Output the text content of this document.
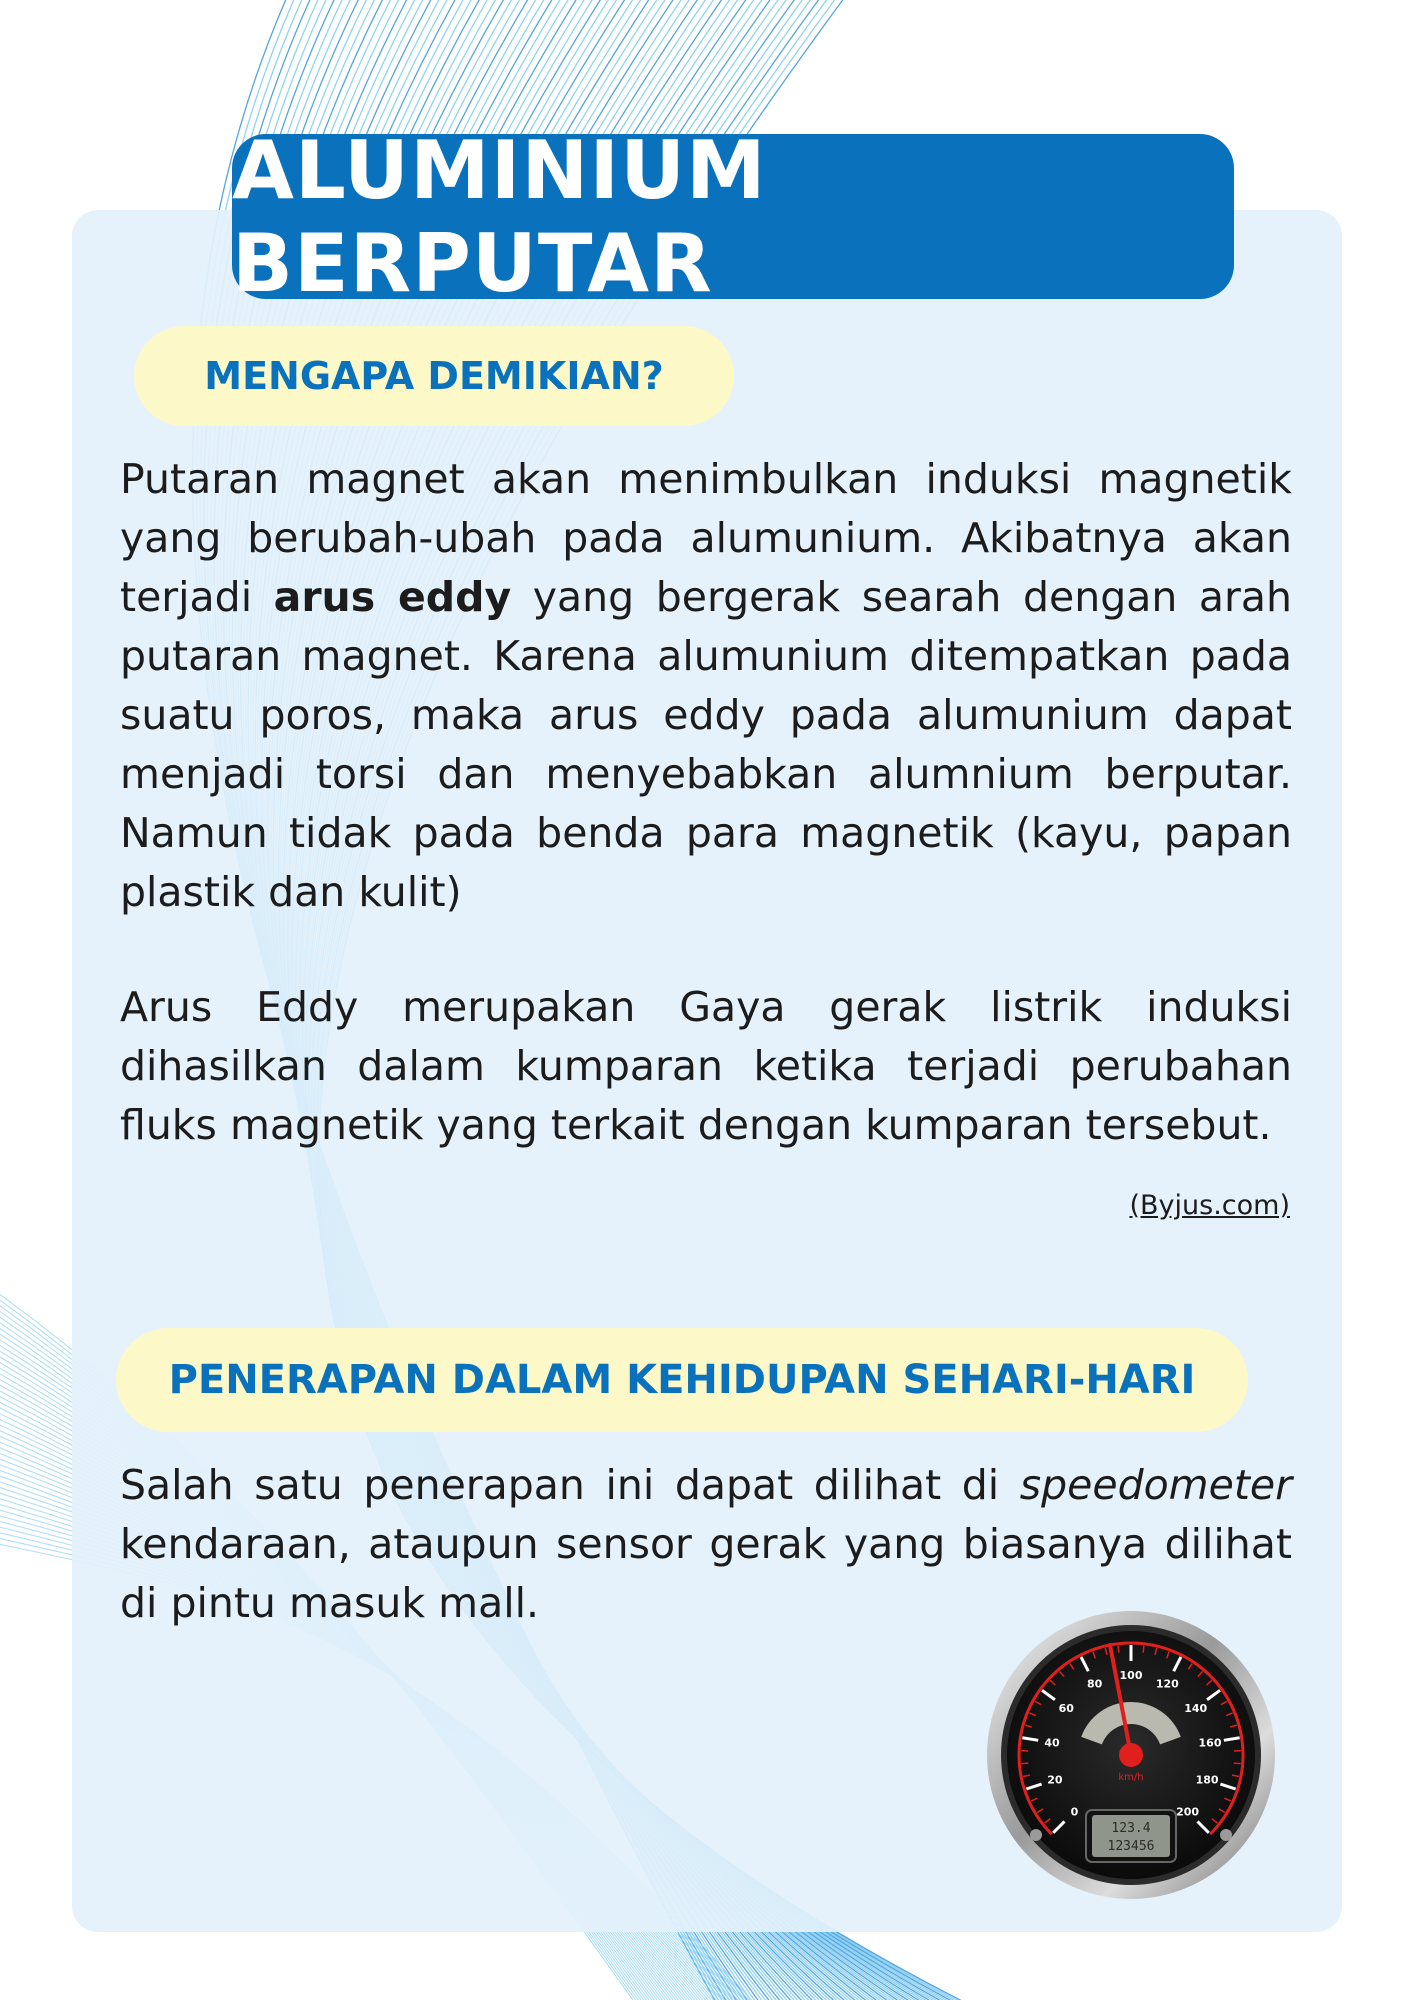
ALUMINIUM BERPUTAR
MENGAPA DEMIKIAN?

Putaran magnet akan menimbulkan induksi magnetik yang berubah-ubah pada alumunium. Akibatnya akan terjadi arus eddy yang bergerak searah dengan arah putaran magnet. Karena alumunium ditempatkan pada suatu poros, maka arus eddy pada alumunium dapat menjadi torsi dan menyebabkan alumnium berputar. Namun tidak pada benda para magnetik (kayu, papan plastik dan kulit)

Arus Eddy merupakan Gaya gerak listrik induksi dihasilkan dalam kumparan ketika terjadi perubahan fluks magnetik yang terkait dengan kumparan tersebut.

(Byjus.com)
PENERAPAN DALAM KEHIDUPAN SEHARI-HARI

Salah satu penerapan ini dapat dilihat di speedometer kendaraan, ataupun sensor gerak yang biasanya dilihat di pintu masuk mall.

0
20
40
60
80
100
120
140
160
180
200
km/h
123.4
123456
